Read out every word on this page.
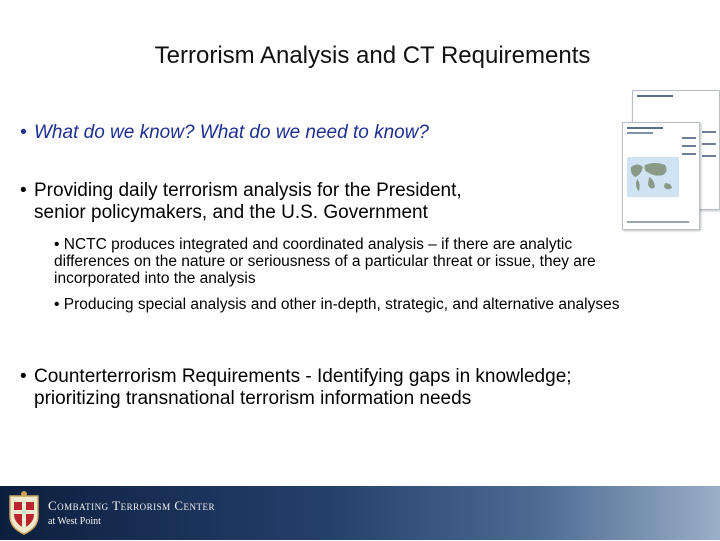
Terrorism Analysis and CT Requirements
• What do we know? What do we need to know?
• Providing daily terrorism analysis for the President,
senior policymakers, and the U.S. Government
• NCTC produces integrated and coordinated analysis – if there are analytic differences on the nature or seriousness of a particular threat or issue, they are incorporated into the analysis
• Producing special analysis and other in-depth, strategic, and alternative analyses
• Counterterrorism Requirements - Identifying gaps in knowledge;
prioritizing transnational terrorism information needs
Combating Terrorism Center
at West Point
